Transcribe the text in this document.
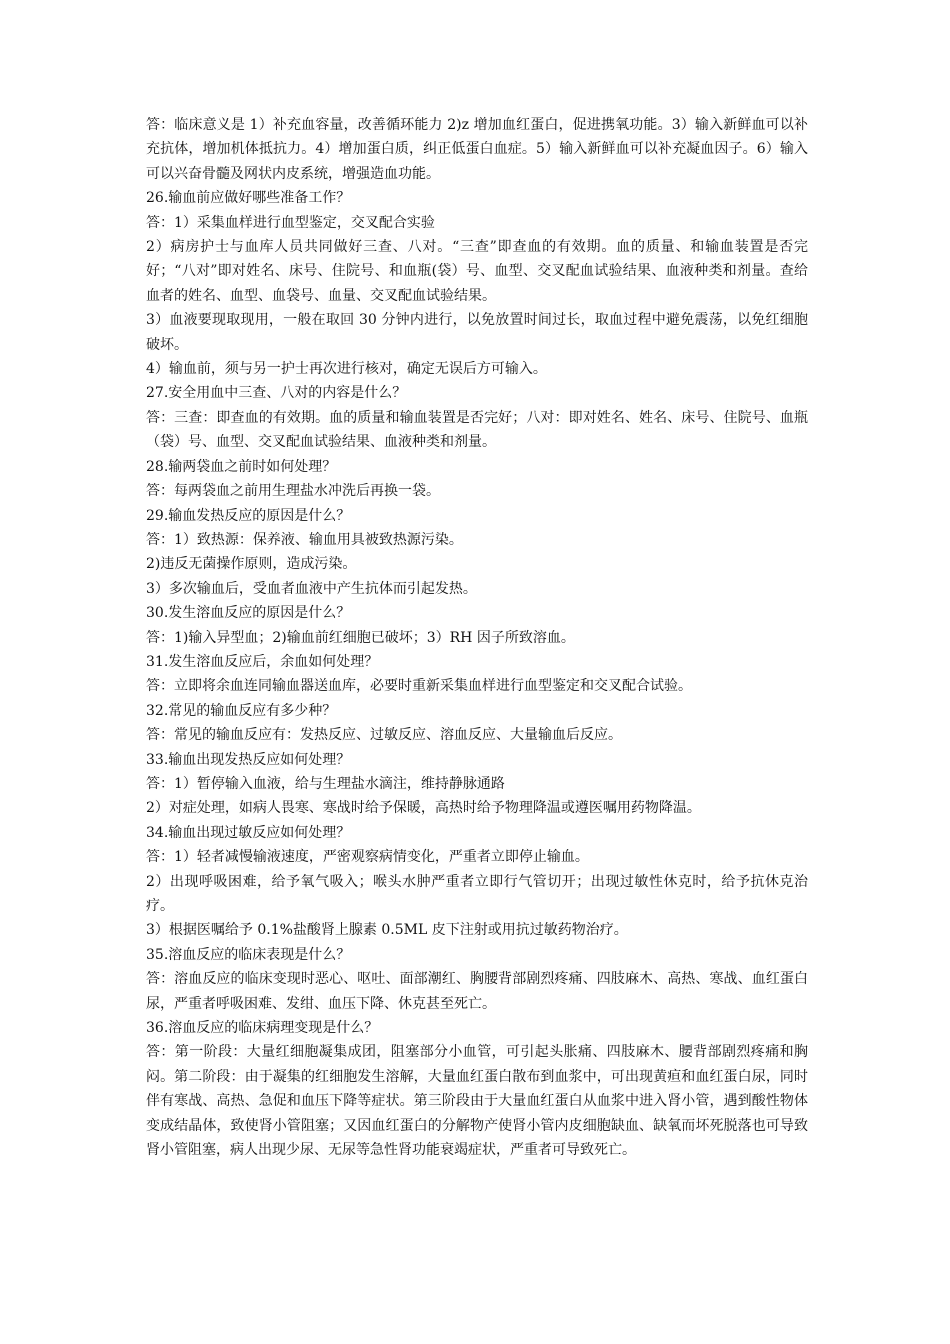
答：临床意义是 1）补充血容量，改善循环能力 2)z 增加血红蛋白，促进携氧功能。3）输入新鲜血可以补充抗体，增加机体抵抗力。4）增加蛋白质，纠正低蛋白血症。5）输入新鲜血可以补充凝血因子。6）输入可以兴奋骨髓及网状内皮系统，增强造血功能。

26.输血前应做好哪些准备工作？

答：1）采集血样进行血型鉴定，交叉配合实验

2）病房护士与血库人员共同做好三查、八对。“三查”即查血的有效期。血的质量、和输血装置是否完好；“八对”即对姓名、床号、住院号、和血瓶(袋）号、血型、交叉配血试验结果、血液种类和剂量。查给血者的姓名、血型、血袋号、血量、交叉配血试验结果。

3）血液要现取现用，一般在取回 30 分钟内进行，以免放置时间过长，取血过程中避免震荡，以免红细胞破坏。

4）输血前，须与另一护士再次进行核对，确定无误后方可输入。

27.安全用血中三查、八对的内容是什么？

答：三查：即查血的有效期。血的质量和输血装置是否完好；八对：即对姓名、姓名、床号、住院号、血瓶（袋）号、血型、交叉配血试验结果、血液种类和剂量。

28.输两袋血之前时如何处理？

答：每两袋血之前用生理盐水冲洗后再换一袋。

29.输血发热反应的原因是什么？

答：1）致热源：保养液、输血用具被致热源污染。

2)违反无菌操作原则，造成污染。

3）多次输血后，受血者血液中产生抗体而引起发热。

30.发生溶血反应的原因是什么？

答：1)输入异型血；2)输血前红细胞已破坏；3）RH 因子所致溶血。

31.发生溶血反应后，余血如何处理？

答：立即将余血连同输血器送血库，必要时重新采集血样进行血型鉴定和交叉配合试验。

32.常见的输血反应有多少种？

答：常见的输血反应有：发热反应、过敏反应、溶血反应、大量输血后反应。

33.输血出现发热反应如何处理？

答：1）暂停输入血液，给与生理盐水滴注，维持静脉通路

2）对症处理，如病人畏寒、寒战时给予保暖，高热时给予物理降温或遵医嘱用药物降温。

34.输血出现过敏反应如何处理？

答：1）轻者减慢输液速度，严密观察病情变化，严重者立即停止输血。

2）出现呼吸困难，给予氧气吸入；喉头水肿严重者立即行气管切开；出现过敏性休克时，给予抗休克治疗。

3）根据医嘱给予 0.1%盐酸肾上腺素 0.5ML 皮下注射或用抗过敏药物治疗。

35.溶血反应的临床表现是什么？

答：溶血反应的临床变现时恶心、呕吐、面部潮红、胸腰背部剧烈疼痛、四肢麻木、高热、寒战、血红蛋白尿，严重者呼吸困难、发绀、血压下降、休克甚至死亡。

36.溶血反应的临床病理变现是什么？

答：第一阶段：大量红细胞凝集成团，阻塞部分小血管，可引起头胀痛、四肢麻木、腰背部剧烈疼痛和胸闷。第二阶段：由于凝集的红细胞发生溶解，大量血红蛋白散布到血浆中，可出现黄疸和血红蛋白尿，同时伴有寒战、高热、急促和血压下降等症状。第三阶段由于大量血红蛋白从血浆中进入肾小管，遇到酸性物体变成结晶体，致使肾小管阻塞；又因血红蛋白的分解物产使肾小管内皮细胞缺血、缺氧而坏死脱落也可导致肾小管阻塞，病人出现少尿、无尿等急性肾功能衰竭症状，严重者可导致死亡。
